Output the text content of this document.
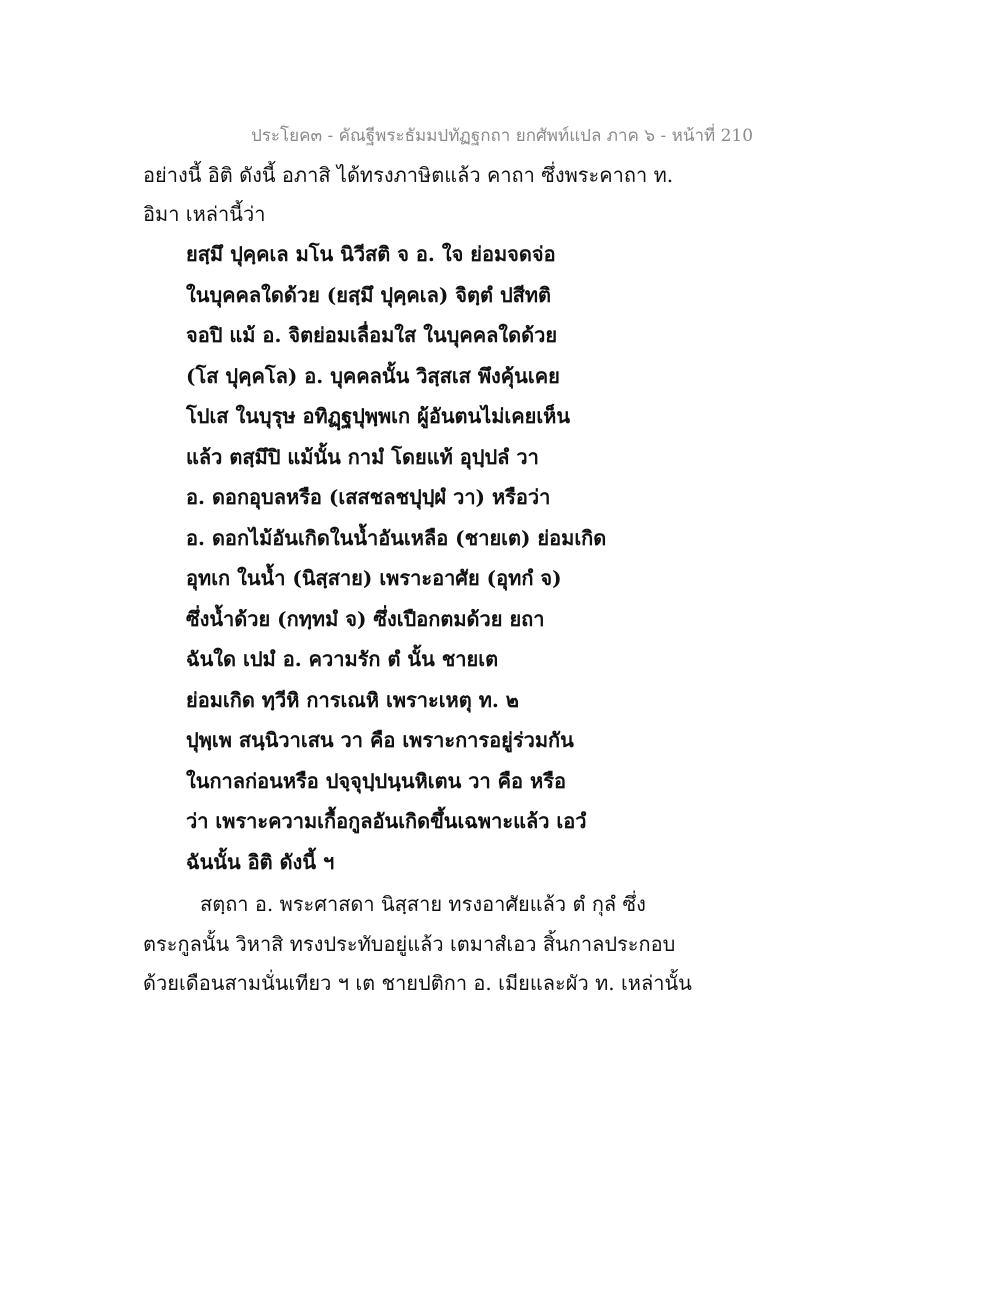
ประโยค๓ - คัณฐีพระธัมมปทัฏฐกถา ยกศัพท์แปล ภาค ๖ - หน้าที่ 210
อย่างนี้ อิติ ดังนี้ อภาสิ ได้ทรงภาษิตแล้ว คาถา ซึ่งพระคาถา ท.
อิมา เหล่านี้ว่า
ยสฺมึ ปุคฺคเล มโน นิวีสติ จ อ. ใจ ย่อมจดจ่อ
ในบุคคลใดด้วย (ยสฺมึ ปุคฺคเล) จิตฺตํ ปสีทติ
จอปิ แม้ อ. จิตย่อมเลื่อมใส ในบุคคลใดด้วย
(โส ปุคฺคโล) อ. บุคคลนั้น วิสฺสเส พึงคุ้นเคย
โปเส ในบุรุษ อทิฏฺฐปุพฺพเก ผู้อันตนไม่เคยเห็น
แล้ว ตสฺมึปิ แม้นั้น กามํ โดยแท้ อุปฺปลํ วา
อ. ดอกอุบลหรือ (เสสชลชปุปฺผํ วา) หรือว่า
อ. ดอกไม้อันเกิดในน้ำอันเหลือ (ชายเต) ย่อมเกิด
อุทเก ในน้ำ (นิสฺสาย) เพราะอาศัย (อุทกํ จ)
ซึ่งน้ำด้วย (กทฺทมํ จ) ซึ่งเปือกตมด้วย ยถา
ฉันใด เปมํ อ. ความรัก ตํ นั้น ชายเต
ย่อมเกิด ทฺวีหิ การเณหิ เพราะเหตุ ท. ๒
ปุพฺเพ สนฺนิวาเสน วา คือ เพราะการอยู่ร่วมกัน
ในกาลก่อนหรือ ปจฺจุปฺปนฺนหิเตน วา คือ หรือ
ว่า เพราะความเกื้อกูลอันเกิดขึ้นเฉพาะแล้ว เอวํ
ฉันนั้น อิติ ดังนี้ ฯ
สตฺถา อ. พระศาสดา นิสฺสาย ทรงอาศัยแล้ว ตํ กุลํ ซึ่ง
ตระกูลนั้น วิหาสิ ทรงประทับอยู่แล้ว เตมาสํเอว สิ้นกาลประกอบ
ด้วยเดือนสามนั่นเทียว ฯ เต ชายปติกา อ. เมียและผัว ท. เหล่านั้น
